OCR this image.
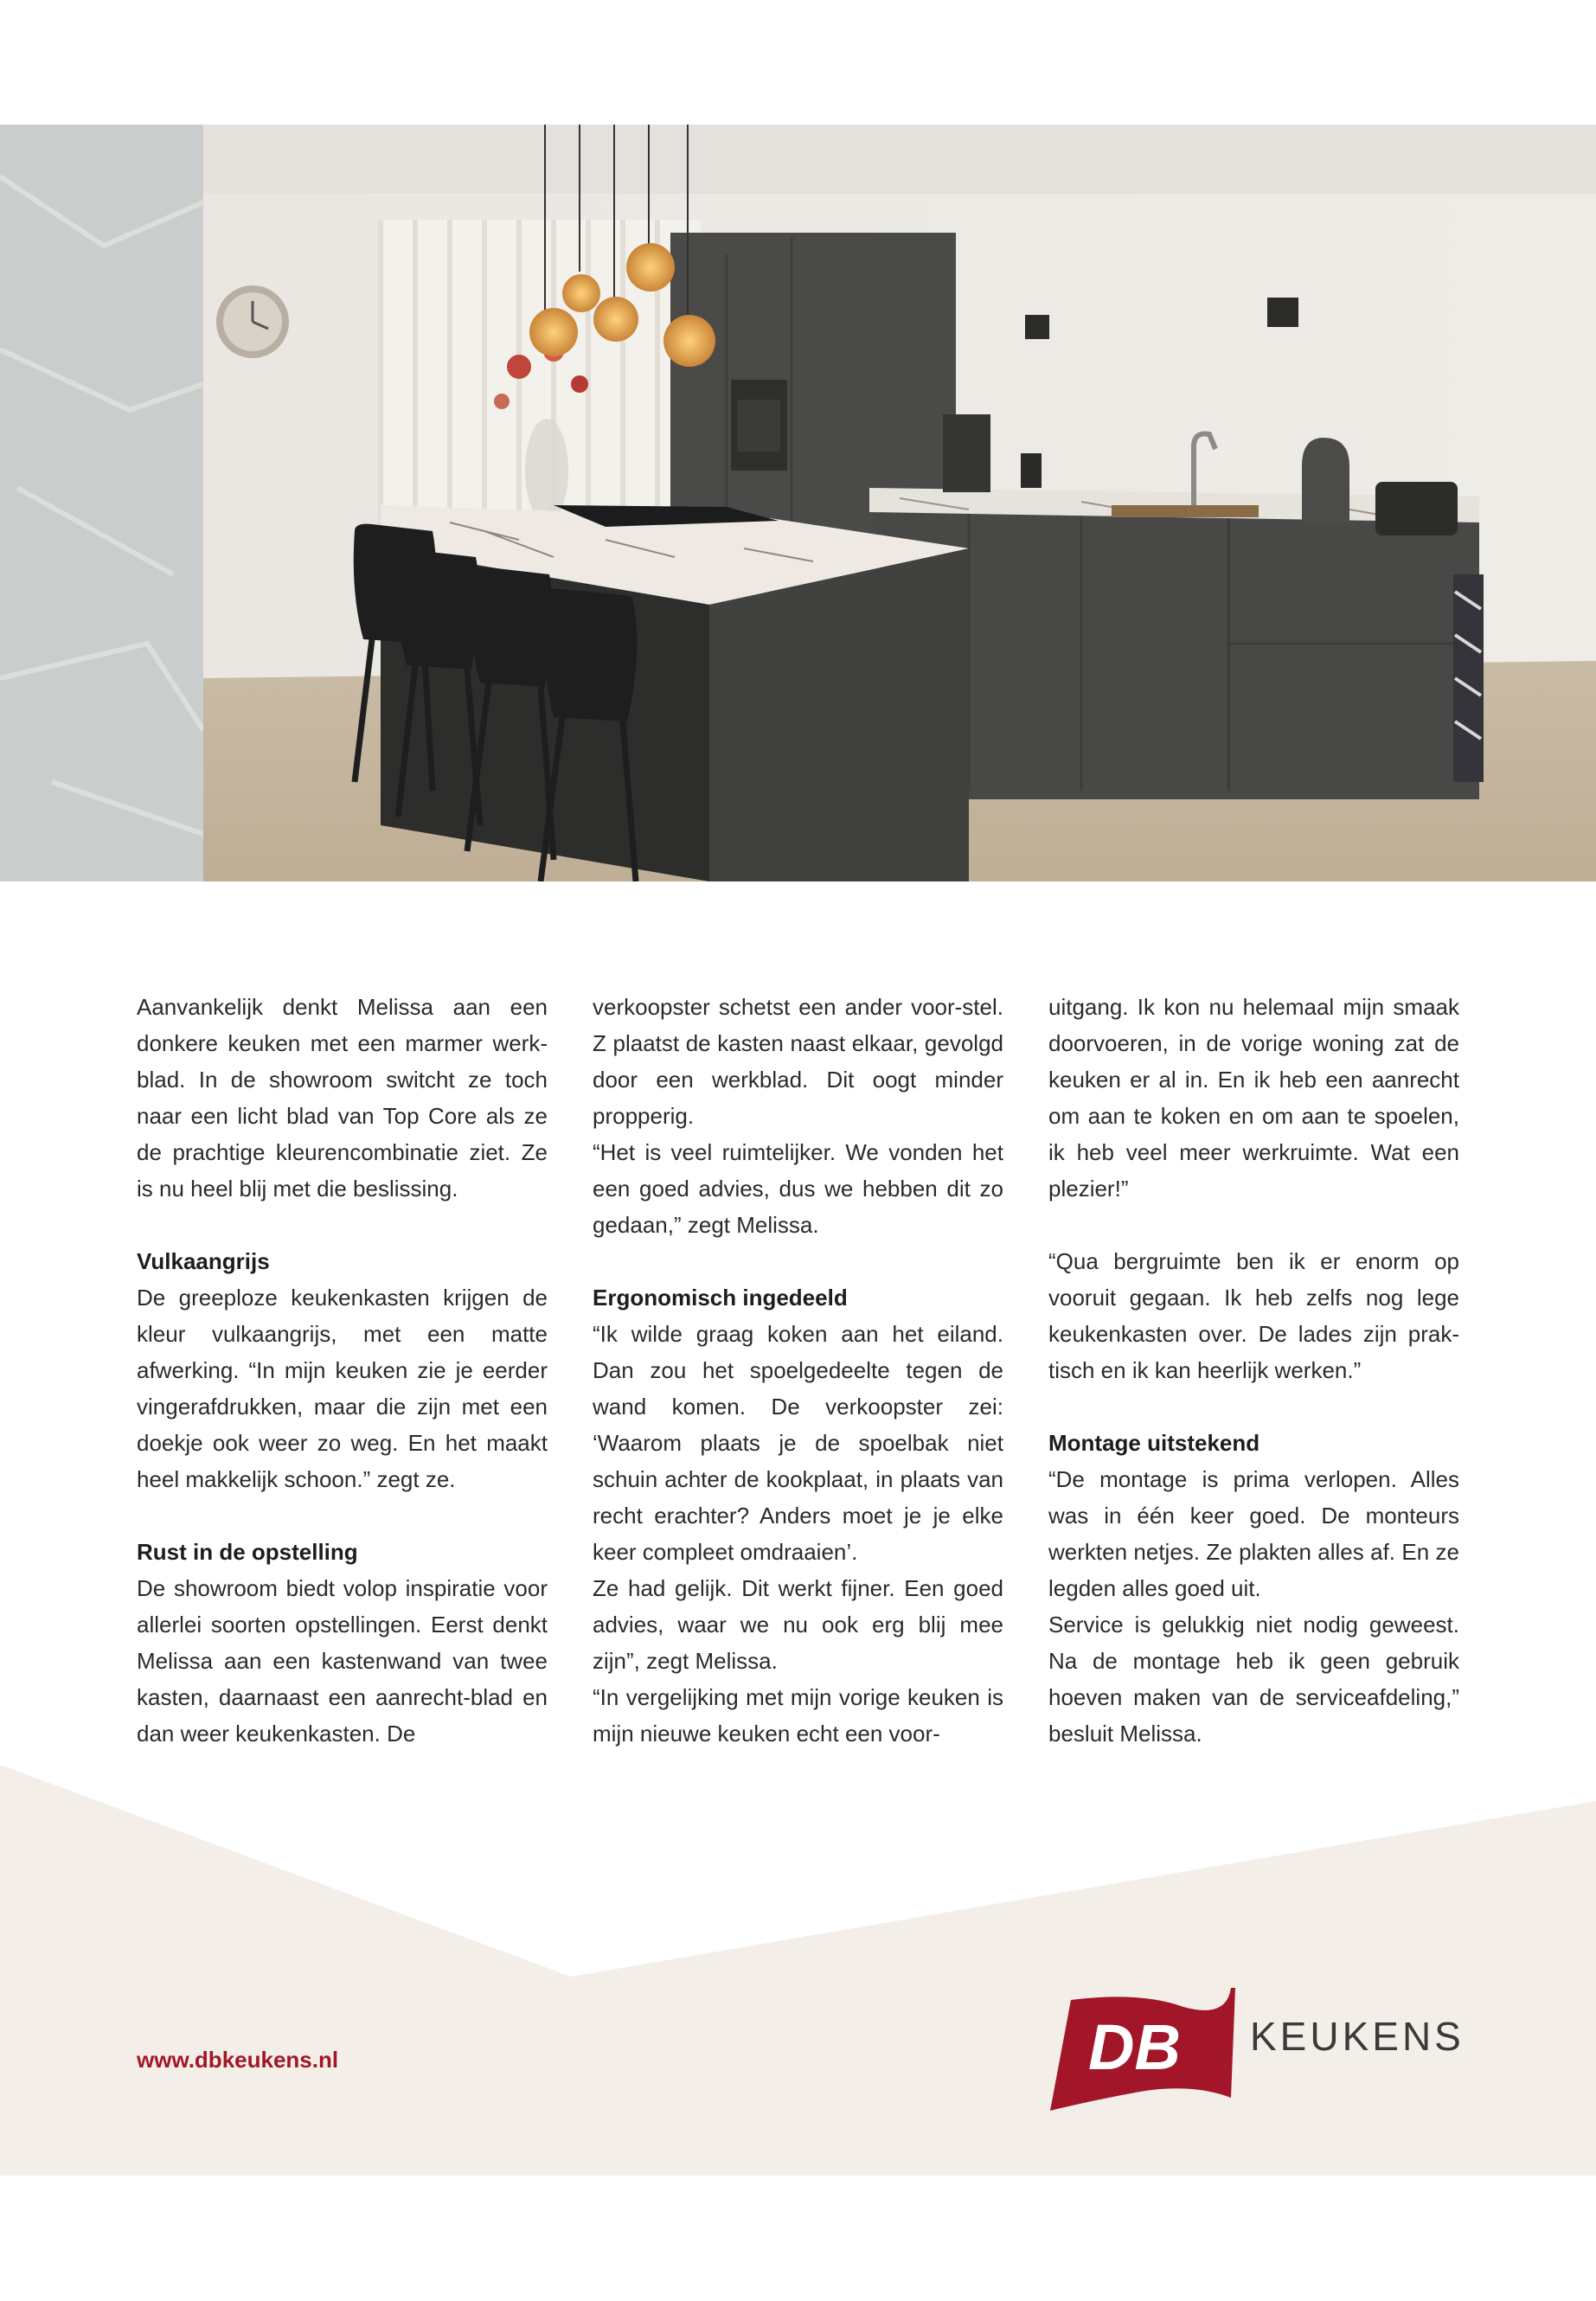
Aanvankelijk denkt Melissa aan een donkere keuken met een marmer werk-blad. In de showroom switcht ze toch naar een licht blad van Top Core als ze de prachtige kleurencombinatie ziet. Ze is nu heel blij met die beslissing.

Vulkaangrijs

De greeploze keukenkasten krijgen de kleur vulkaangrijs, met een matte afwerking. “In mijn keuken zie je eerder vingerafdrukken, maar die zijn met een doekje ook weer zo weg. En het maakt heel makkelijk schoon.” zegt ze.

Rust in de opstelling

De showroom biedt volop inspiratie voor allerlei soorten opstellingen. Eerst denkt Melissa aan een kastenwand van twee kasten, daarnaast een aanrecht-blad en dan weer keukenkasten. De

verkoopster schetst een ander voor-stel. Z plaatst de kasten naast elkaar, gevolgd door een werkblad. Dit oogt minder propperig.

“Het is veel ruimtelijker. We vonden het een goed advies, dus we hebben dit zo gedaan,” zegt Melissa.

Ergonomisch ingedeeld

“Ik wilde graag koken aan het eiland. Dan zou het spoelgedeelte tegen de wand komen. De verkoopster zei: ‘Waarom plaats je de spoelbak niet schuin achter de kookplaat, in plaats van recht erachter? Anders moet je je elke keer compleet omdraaien’.

Ze had gelijk. Dit werkt fijner. Een goed advies, waar we nu ook erg blij mee zijn”, zegt Melissa.

“In vergelijking met mijn vorige keuken is mijn nieuwe keuken echt een voor-

uitgang. Ik kon nu helemaal mijn smaak doorvoeren, in de vorige woning zat de keuken er al in. En ik heb een aanrecht om aan te koken en om aan te spoelen, ik heb veel meer werkruimte. Wat een plezier!”

“Qua bergruimte ben ik er enorm op vooruit gegaan. Ik heb zelfs nog lege keukenkasten over. De lades zijn prak-tisch en ik kan heerlijk werken.”

Montage uitstekend

“De montage is prima verlopen. Alles was in één keer goed. De monteurs werkten netjes. Ze plakten alles af. En ze legden alles goed uit.

Service is gelukkig niet nodig geweest. Na de montage heb ik geen gebruik hoeven maken van de serviceafdeling,” besluit Melissa.

www.dbkeukens.nl	DB KEUKENS
